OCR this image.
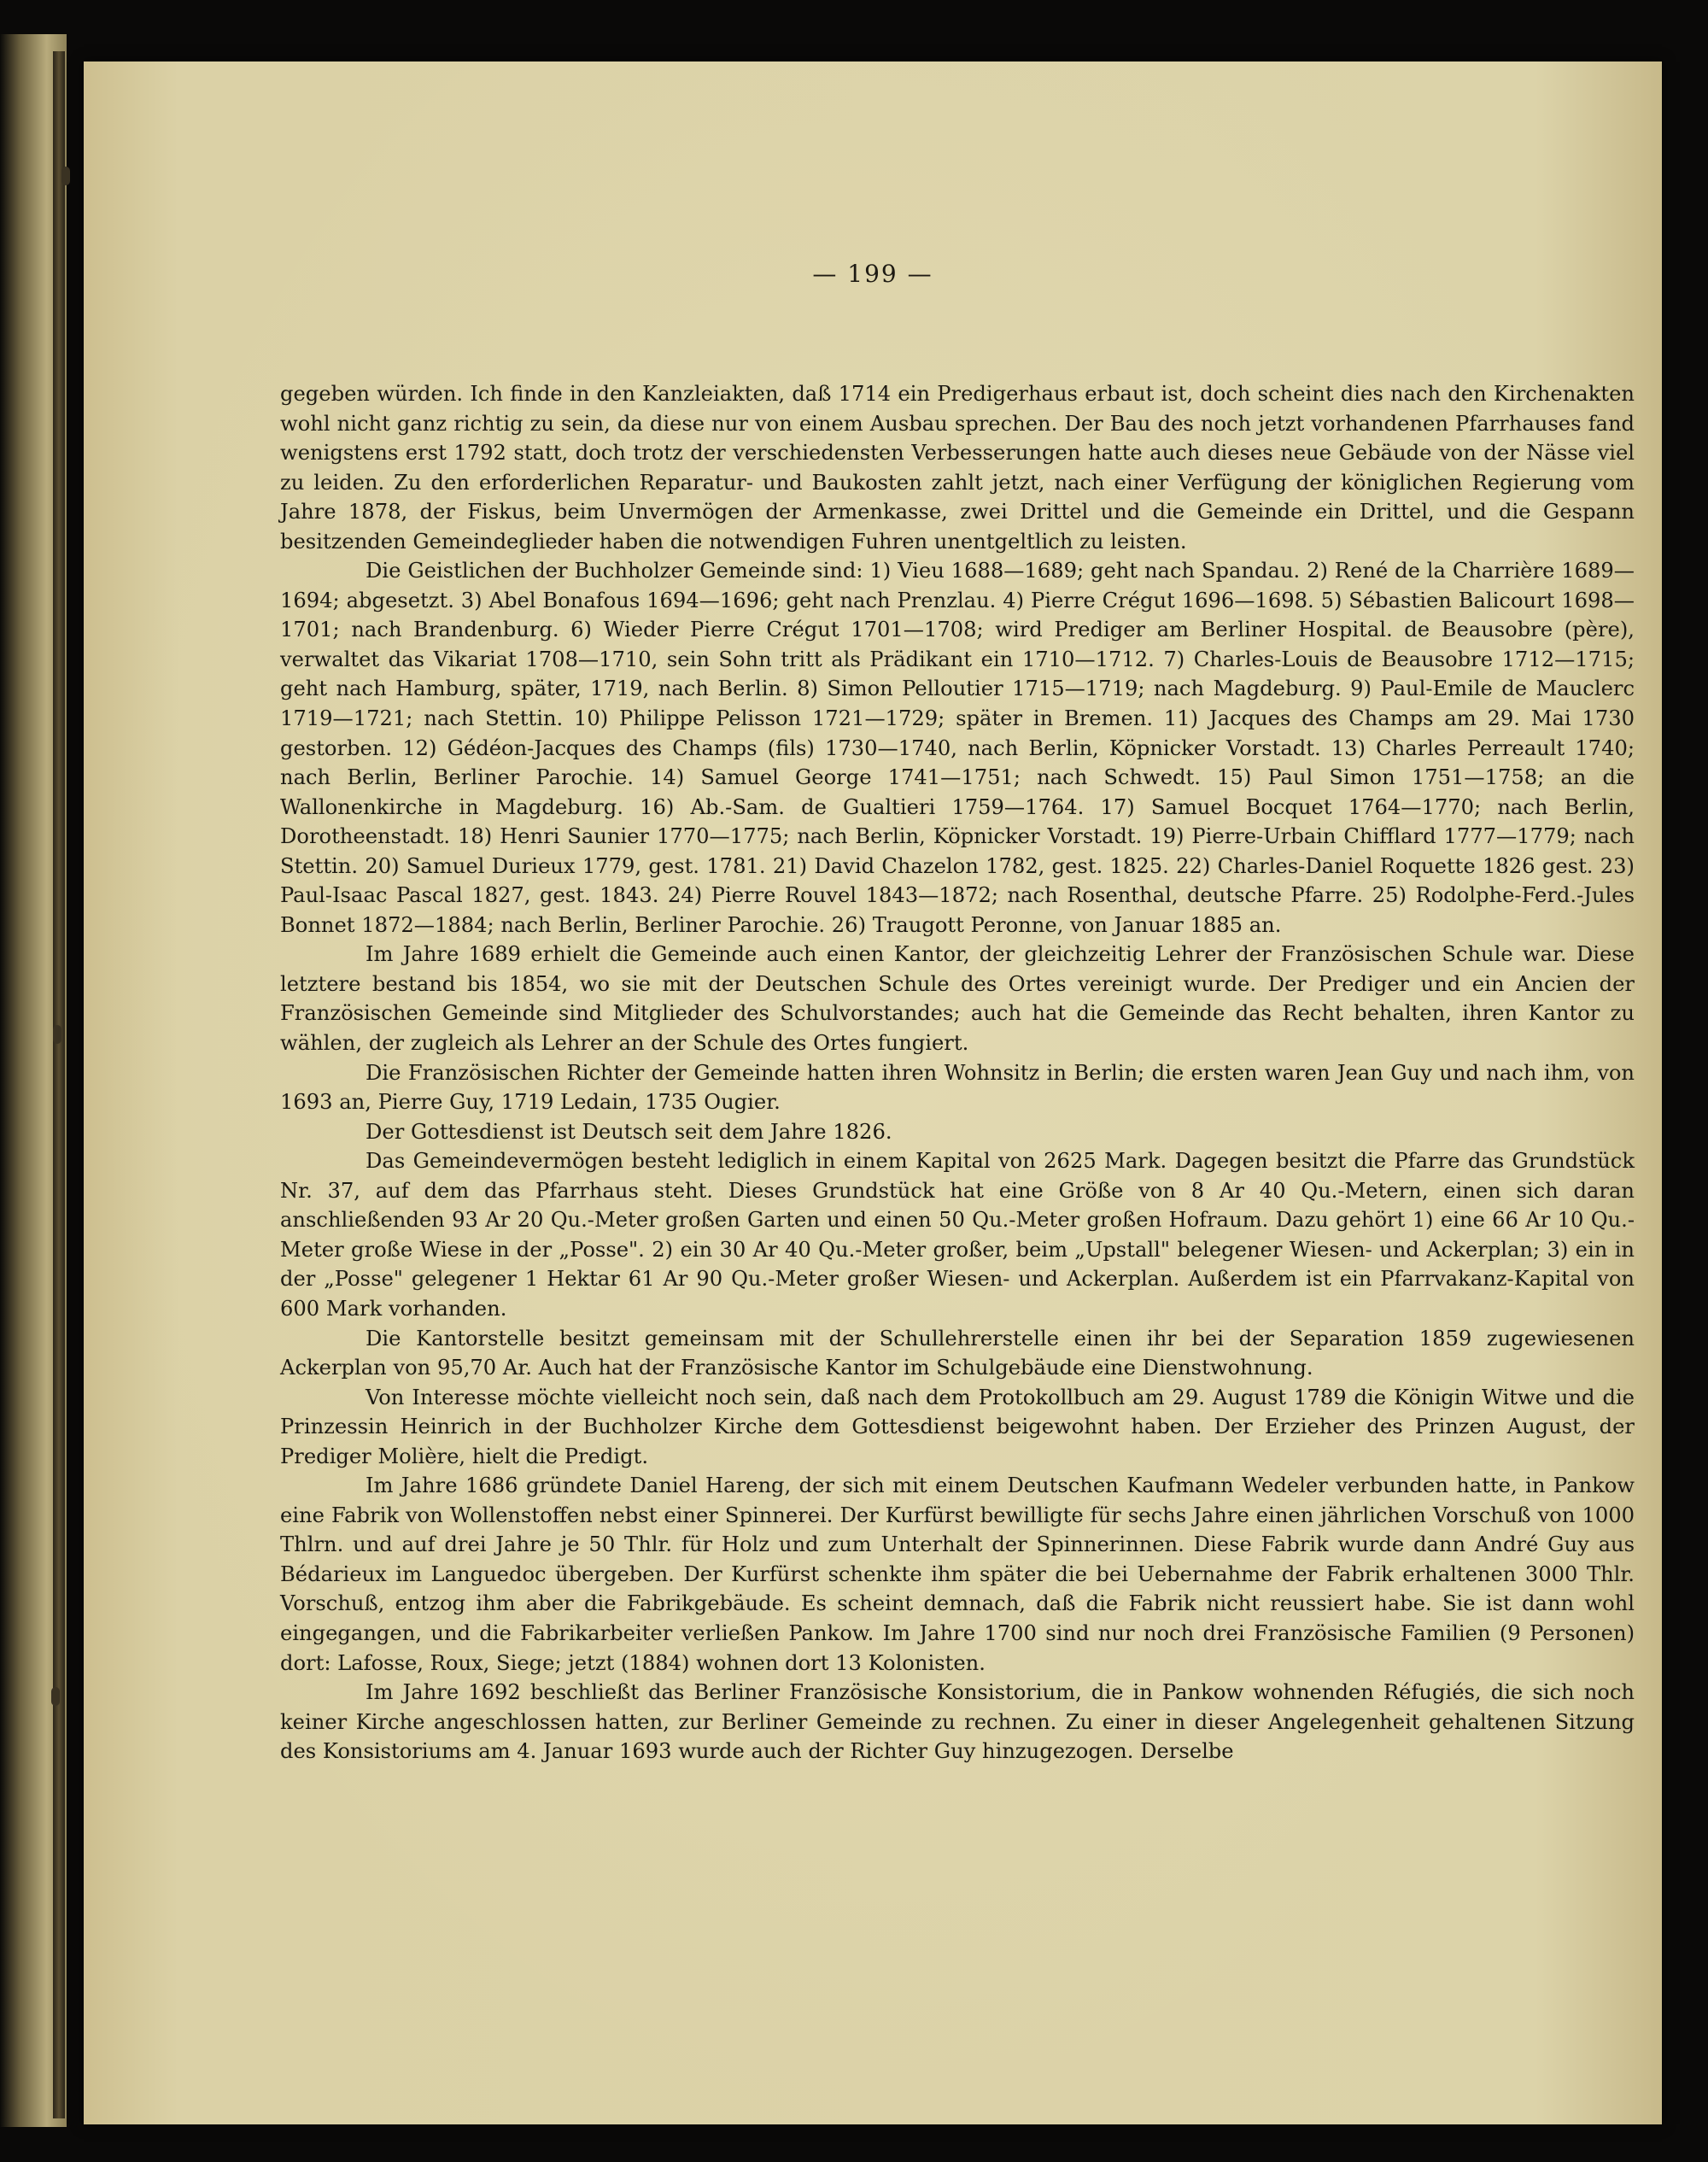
— 199 —

gegeben würden. Ich finde in den Kanzleiakten, daß 1714 ein Predigerhaus erbaut ist, doch scheint dies nach den Kirchenakten wohl nicht ganz richtig zu sein, da diese nur von einem Ausbau sprechen. Der Bau des noch jetzt vorhandenen Pfarrhauses fand wenigstens erst 1792 statt, doch trotz der verschiedensten Verbesserungen hatte auch dieses neue Gebäude von der Nässe viel zu leiden. Zu den erforderlichen Reparatur- und Baukosten zahlt jetzt, nach einer Verfügung der königlichen Regierung vom Jahre 1878, der Fiskus, beim Unvermögen der Armenkasse, zwei Drittel und die Gemeinde ein Drittel, und die Gespann besitzenden Gemeindeglieder haben die notwendigen Fuhren unentgeltlich zu leisten.

Die Geistlichen der Buchholzer Gemeinde sind: 1) Vieu 1688—1689; geht nach Spandau. 2) René de la Charrière 1689—1694; abgesetzt. 3) Abel Bonafous 1694—1696; geht nach Prenzlau. 4) Pierre Crégut 1696—1698. 5) Sébastien Balicourt 1698—1701; nach Brandenburg. 6) Wieder Pierre Crégut 1701—1708; wird Prediger am Berliner Hospital. de Beausobre (père), verwaltet das Vikariat 1708—1710, sein Sohn tritt als Prädikant ein 1710—1712. 7) Charles-Louis de Beausobre 1712—1715; geht nach Hamburg, später, 1719, nach Berlin. 8) Simon Pelloutier 1715—1719; nach Magdeburg. 9) Paul-Emile de Mauclerc 1719—1721; nach Stettin. 10) Philippe Pelisson 1721—1729; später in Bremen. 11) Jacques des Champs am 29. Mai 1730 gestorben. 12) Gédéon-Jacques des Champs (fils) 1730—1740, nach Berlin, Köpnicker Vorstadt. 13) Charles Perreault 1740; nach Berlin, Berliner Parochie. 14) Samuel George 1741—1751; nach Schwedt. 15) Paul Simon 1751—1758; an die Wallonenkirche in Magdeburg. 16) Ab.-Sam. de Gualtieri 1759—1764. 17) Samuel Bocquet 1764—1770; nach Berlin, Dorotheenstadt. 18) Henri Saunier 1770—1775; nach Berlin, Köpnicker Vorstadt. 19) Pierre-Urbain Chifflard 1777—1779; nach Stettin. 20) Samuel Durieux 1779, gest. 1781. 21) David Chazelon 1782, gest. 1825. 22) Charles-Daniel Roquette 1826 gest. 23) Paul-Isaac Pascal 1827, gest. 1843. 24) Pierre Rouvel 1843—1872; nach Rosenthal, deutsche Pfarre. 25) Rodolphe-Ferd.-Jules Bonnet 1872—1884; nach Berlin, Berliner Parochie. 26) Traugott Peronne, von Januar 1885 an.

Im Jahre 1689 erhielt die Gemeinde auch einen Kantor, der gleichzeitig Lehrer der Französischen Schule war. Diese letztere bestand bis 1854, wo sie mit der Deutschen Schule des Ortes vereinigt wurde. Der Prediger und ein Ancien der Französischen Gemeinde sind Mitglieder des Schulvorstandes; auch hat die Gemeinde das Recht behalten, ihren Kantor zu wählen, der zugleich als Lehrer an der Schule des Ortes fungiert.

Die Französischen Richter der Gemeinde hatten ihren Wohnsitz in Berlin; die ersten waren Jean Guy und nach ihm, von 1693 an, Pierre Guy, 1719 Ledain, 1735 Ougier.

Der Gottesdienst ist Deutsch seit dem Jahre 1826.

Das Gemeindevermögen besteht lediglich in einem Kapital von 2625 Mark. Dagegen besitzt die Pfarre das Grundstück Nr. 37, auf dem das Pfarrhaus steht. Dieses Grundstück hat eine Größe von 8 Ar 40 Qu.-Metern, einen sich daran anschließenden 93 Ar 20 Qu.-Meter großen Garten und einen 50 Qu.-Meter großen Hofraum. Dazu gehört 1) eine 66 Ar 10 Qu.-Meter große Wiese in der „Posse". 2) ein 30 Ar 40 Qu.-Meter großer, beim „Upstall" belegener Wiesen- und Ackerplan; 3) ein in der „Posse" gelegener 1 Hektar 61 Ar 90 Qu.-Meter großer Wiesen- und Ackerplan. Außerdem ist ein Pfarrvakanz-Kapital von 600 Mark vorhanden.

Die Kantorstelle besitzt gemeinsam mit der Schullehrerstelle einen ihr bei der Separation 1859 zugewiesenen Ackerplan von 95,70 Ar. Auch hat der Französische Kantor im Schulgebäude eine Dienstwohnung.

Von Interesse möchte vielleicht noch sein, daß nach dem Protokollbuch am 29. August 1789 die Königin Witwe und die Prinzessin Heinrich in der Buchholzer Kirche dem Gottesdienst beigewohnt haben. Der Erzieher des Prinzen August, der Prediger Molière, hielt die Predigt.

Im Jahre 1686 gründete Daniel Hareng, der sich mit einem Deutschen Kaufmann Wedeler verbunden hatte, in Pankow eine Fabrik von Wollenstoffen nebst einer Spinnerei. Der Kurfürst bewilligte für sechs Jahre einen jährlichen Vorschuß von 1000 Thlrn. und auf drei Jahre je 50 Thlr. für Holz und zum Unterhalt der Spinnerinnen. Diese Fabrik wurde dann André Guy aus Bédarieux im Languedoc übergeben. Der Kurfürst schenkte ihm später die bei Uebernahme der Fabrik erhaltenen 3000 Thlr. Vorschuß, entzog ihm aber die Fabrikgebäude. Es scheint demnach, daß die Fabrik nicht reussiert habe. Sie ist dann wohl eingegangen, und die Fabrikarbeiter verließen Pankow. Im Jahre 1700 sind nur noch drei Französische Familien (9 Personen) dort: Lafosse, Roux, Siege; jetzt (1884) wohnen dort 13 Kolonisten.

Im Jahre 1692 beschließt das Berliner Französische Konsistorium, die in Pankow wohnenden Réfugiés, die sich noch keiner Kirche angeschlossen hatten, zur Berliner Gemeinde zu rechnen. Zu einer in dieser Angelegenheit gehaltenen Sitzung des Konsistoriums am 4. Januar 1693 wurde auch der Richter Guy hinzugezogen. Derselbe
